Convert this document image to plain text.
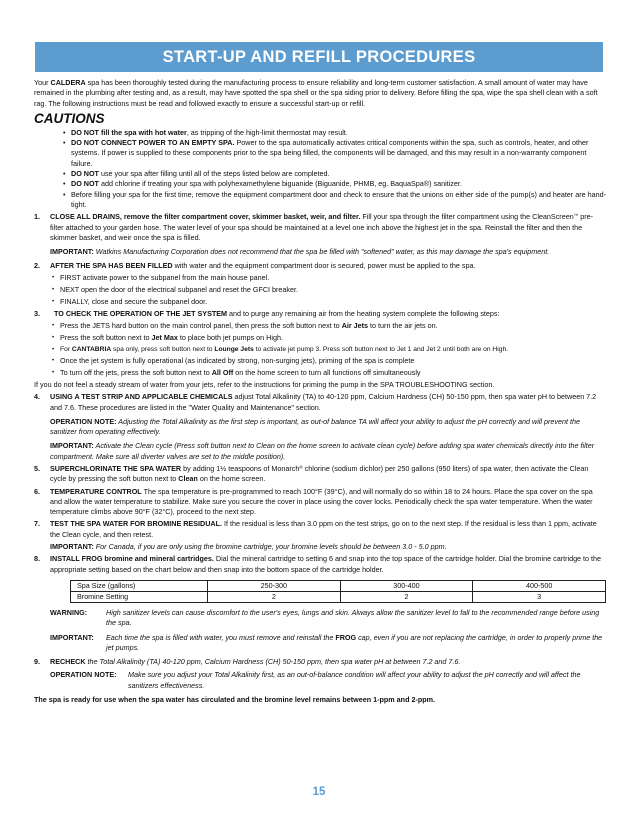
START-UP AND REFILL PROCEDURES

Your CALDERA spa has been thoroughly tested during the manufacturing process to ensure reliability and long-term customer satisfaction. A small amount of water may have remained in the plumbing after testing and, as a result, may have spotted the spa shell or the spa siding prior to delivery. Before filling the spa, wipe the spa shell clean with a soft rag. The following instructions must be read and followed exactly to ensure a successful start-up or refill.

CAUTIONS
• DO NOT fill the spa with hot water, as tripping of the high-limit thermostat may result.
• DO NOT CONNECT POWER TO AN EMPTY SPA. Power to the spa automatically activates critical components within the spa, such as controls, heater, and other systems. If power is supplied to these components prior to the spa being filled, the components will be damaged, and this may result in a non-warranty component failure.
• DO NOT use your spa after filling until all of the steps listed below are completed.
• DO NOT add chlorine if treating your spa with polyhexamethylene biguanide (Biguanide, PHMB, eg. BaquaSpa®) sanitizer.
• Before filling your spa for the first time, remove the equipment compartment door and check to ensure that the unions on either side of the pump(s) and heater are hand-tight.
1. CLOSE ALL DRAINS, remove the filter compartment cover, skimmer basket, weir, and filter. Fill your spa through the filter compartment using the CleanScreen™ pre-filter attached to your garden hose. The water level of your spa should be maintained at a level one inch above the highest jet in the spa. Reinstall the filter and then the skimmer basket, and weir once the spa is filled.

IMPORTANT: Watkins Manufacturing Corporation does not recommend that the spa be filled with "softened" water, as this may damage the spa's equipment.

2. AFTER THE SPA HAS BEEN FILLED with water and the equipment compartment door is secured, power must be applied to the spa.

• FIRST activate power to the subpanel from the main house panel.
• NEXT open the door of the electrical subpanel and reset the GFCI breaker.
• FINALLY, close and secure the subpanel door.
3.	TO CHECK THE OPERATION OF THE JET SYSTEM and to purge any remaining air from the heating system complete the following steps:

• Press the JETS hard button on the main control panel, then press the soft button next to Air Jets to turn the air jets on.
• Press the soft button next to Jet Max to place both jet pumps on High.
• For CANTABRIA spa only, press soft button next to Lounge Jets to activate jet pump 3. Press soft button next to Jet 1 and Jet 2 until both are on High.
• Once the jet system is fully operational (as indicated by strong, non-surging jets), priming of the spa is complete
• To turn off the jets, press the soft button next to All Off on the home screen to turn all functions off simultaneously

If you do not feel a steady stream of water from your jets, refer to the instructions for priming the pump in the SPA TROUBLESHOOTING section.

4. USING A TEST STRIP AND APPLICABLE CHEMICALS adjust Total Alkalinity (TA) to 40-120 ppm, Calcium Hardness (CH) 50-150 ppm, then spa water pH to between 7.2 and 7.6. These procedures are listed in the "Water Quality and Maintenance" section.

OPERATION NOTE: Adjusting the Total Alkalinity as the first step is important, as out-of balance TA will affect your ability to adjust the pH correctly and will prevent the sanitizer from operating effectively.

IMPORTANT: Activate the Clean cycle (Press soft button next to Clean on the home screen to activate clean cycle) before adding spa water chemicals directly into the filter compartment. Make sure all diverter valves are set to the middle position).

5. SUPERCHLORINATE THE SPA WATER by adding 1½ teaspoons of Monarch® chlorine (sodium dichlor) per 250 gallons (950 liters) of spa water, then activate the Clean cycle by pressing the soft button next to Clean on the home screen.

6. TEMPERATURE CONTROL The spa temperature is pre-programmed to reach 100°F (39°C), and will normally do so within 18 to 24 hours. Place the spa cover on the spa and allow the water temperature to stabilize. Make sure you secure the cover in place using the cover locks. Periodically check the spa water temperature. When the water temperature climbs above 90°F (32°C), proceed to the next step.

7. TEST THE SPA WATER FOR BROMINE RESIDUAL. If the residual is less than 3.0 ppm on the test strips, go on to the next step. If the residual is less than 1 ppm, activate the Clean cycle, and then retest.

IMPORTANT: For Canada, if you are only using the bromine cartridge, your bromine levels should be between 3.0 - 5.0 ppm.

8. INSTALL FROG bromine and mineral cartridges. Dial the mineral cartridge to setting 6 and snap into the top space of the cartridge holder. Dial the bromine cartridge to the appropriate setting based on the chart below and then snap into the bottom space of the cartridge holder.

Spa Size (gallons)	250-300	300-400	400-500
Bromine Setting	2	2	3
WARNING:	High sanitizer levels can cause discomfort to the user's eyes, lungs and skin. Always allow the sanitizer level to fall to the recommended range before using the spa.
IMPORTANT: Each time the spa is filled with water, you must remove and reinstall the FROG cap, even if you are not replacing the cartridge, in order to properly prime the jet pumps.
9. RECHECK the Total Alkalinity (TA) 40-120 ppm, Calcium Hardness (CH) 50-150 ppm, then spa water pH at between 7.2 and 7.6.

OPERATION NOTE: Make sure you adjust your Total Alkalinity first, as an out-of-balance condition will affect your ability to adjust the pH correctly and will affect the sanitizers effectiveness.

The spa is ready for use when the spa water has circulated and the bromine level remains between 1-ppm and 2-ppm.

15
